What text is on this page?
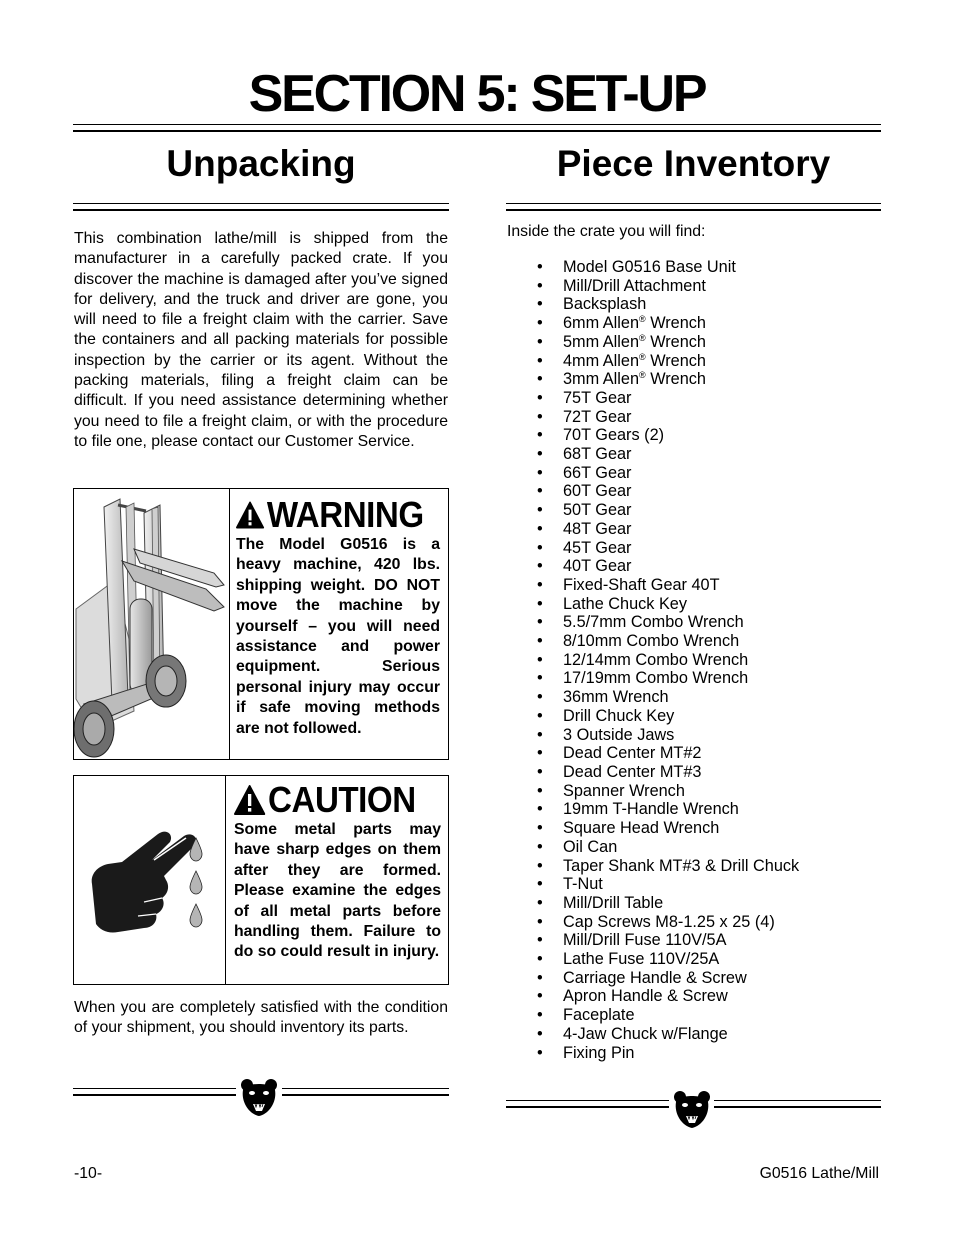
SECTION 5: SET-UP
Unpacking

This combination lathe/mill is shipped from the manufacturer in a carefully packed crate. If you discover the machine is damaged after you’ve signed for delivery, and the truck and driver are gone, you will need to file a freight claim with the carrier. Save the containers and all packing materials for possible inspection by the carrier or its agent. Without the packing materials, filing a freight claim can be difficult. If you need assistance determining whether you need to file a freight claim, or with the procedure to file one, please contact our Customer Service.

WARNING

The Model G0516 is a heavy machine, 420 lbs. shipping weight. DO NOT move the machine by yourself – you will need assistance and power equipment. Serious personal injury may occur if safe moving methods are not followed.

CAUTION

Some metal parts may have sharp edges on them after they are formed. Please examine the edges of all metal parts before handling them. Failure to do so could result in injury.

When you are completely satisfied with the condition of your shipment, you should inventory its parts.

Piece Inventory

Inside the crate you will find:

• Model G0516 Base Unit
• Mill/Drill Attachment
• Backsplash
• 6mm Allen® Wrench
• 5mm Allen® Wrench
• 4mm Allen® Wrench
• 3mm Allen® Wrench
• 75T Gear
• 72T Gear
• 70T Gears (2)
• 68T Gear
• 66T Gear
• 60T Gear
• 50T Gear
• 48T Gear
• 45T Gear
• 40T Gear
• Fixed-Shaft Gear 40T
• Lathe Chuck Key
• 5.5/7mm Combo Wrench
• 8/10mm Combo Wrench
• 12/14mm Combo Wrench
• 17/19mm Combo Wrench
• 36mm Wrench
• Drill Chuck Key
• 3 Outside Jaws
• Dead Center MT#2
• Dead Center MT#3
• Spanner Wrench
• 19mm T-Handle Wrench
• Square Head Wrench
• Oil Can
• Taper Shank MT#3 & Drill Chuck
• T-Nut
• Mill/Drill Table
• Cap Screws M8-1.25 x 25 (4)
• Mill/Drill Fuse 110V/5A
• Lathe Fuse 110V/25A
• Carriage Handle & Screw
• Apron Handle & Screw
• Faceplate
• 4-Jaw Chuck w/Flange
• Fixing Pin
-10-	G0516 Lathe/Mill
